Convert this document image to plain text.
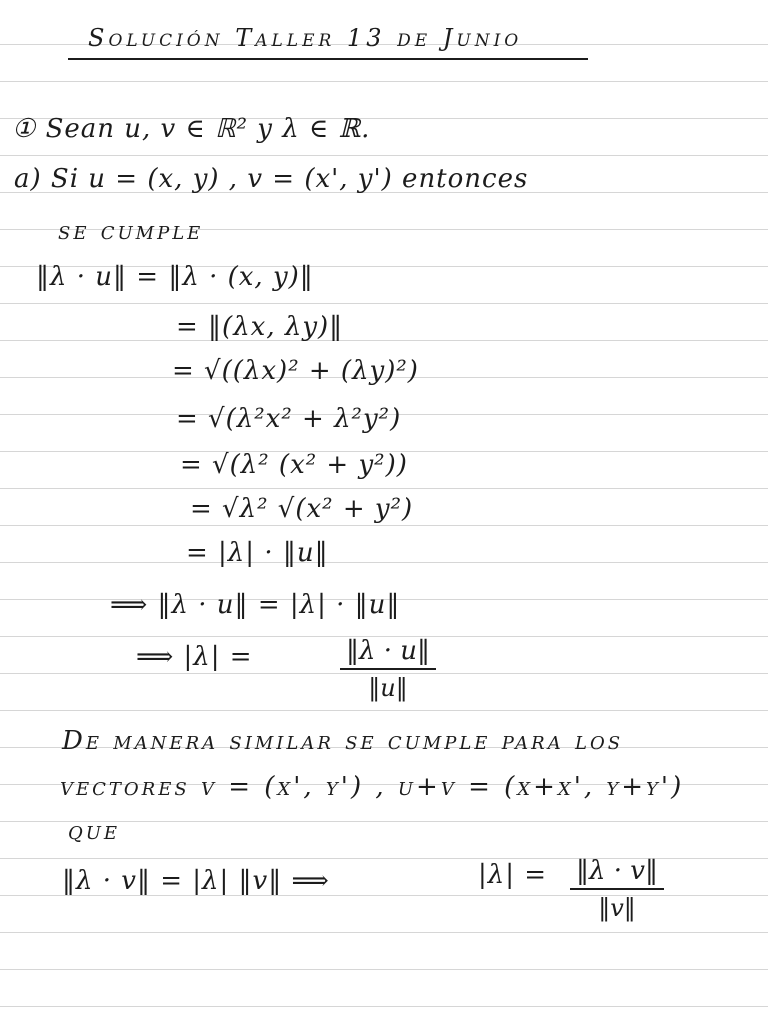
Solución Taller 13 de Junio
① Sean u, v ∈ ℝ² y λ ∈ ℝ.
a) Si u = (x, y) , v = (x', y') entonces
se cumple
‖λ · u‖ = ‖λ · (x, y)‖
= ‖(λx, λy)‖
= √((λx)² + (λy)²)
= √(λ²x² + λ²y²)
= √(λ² (x² + y²))
= √λ² √(x² + y²)
= |λ| · ‖u‖
⟹ ‖λ · u‖ = |λ| · ‖u‖
⟹ |λ| =	‖λ · u‖
‖u‖
De manera similar se cumple para los
vectores v = (x', y') , u+v = (x+x', y+y')
que
‖λ · v‖ = |λ| ‖v‖ ⟹	|λ| = ‖λ · v‖
‖v‖
